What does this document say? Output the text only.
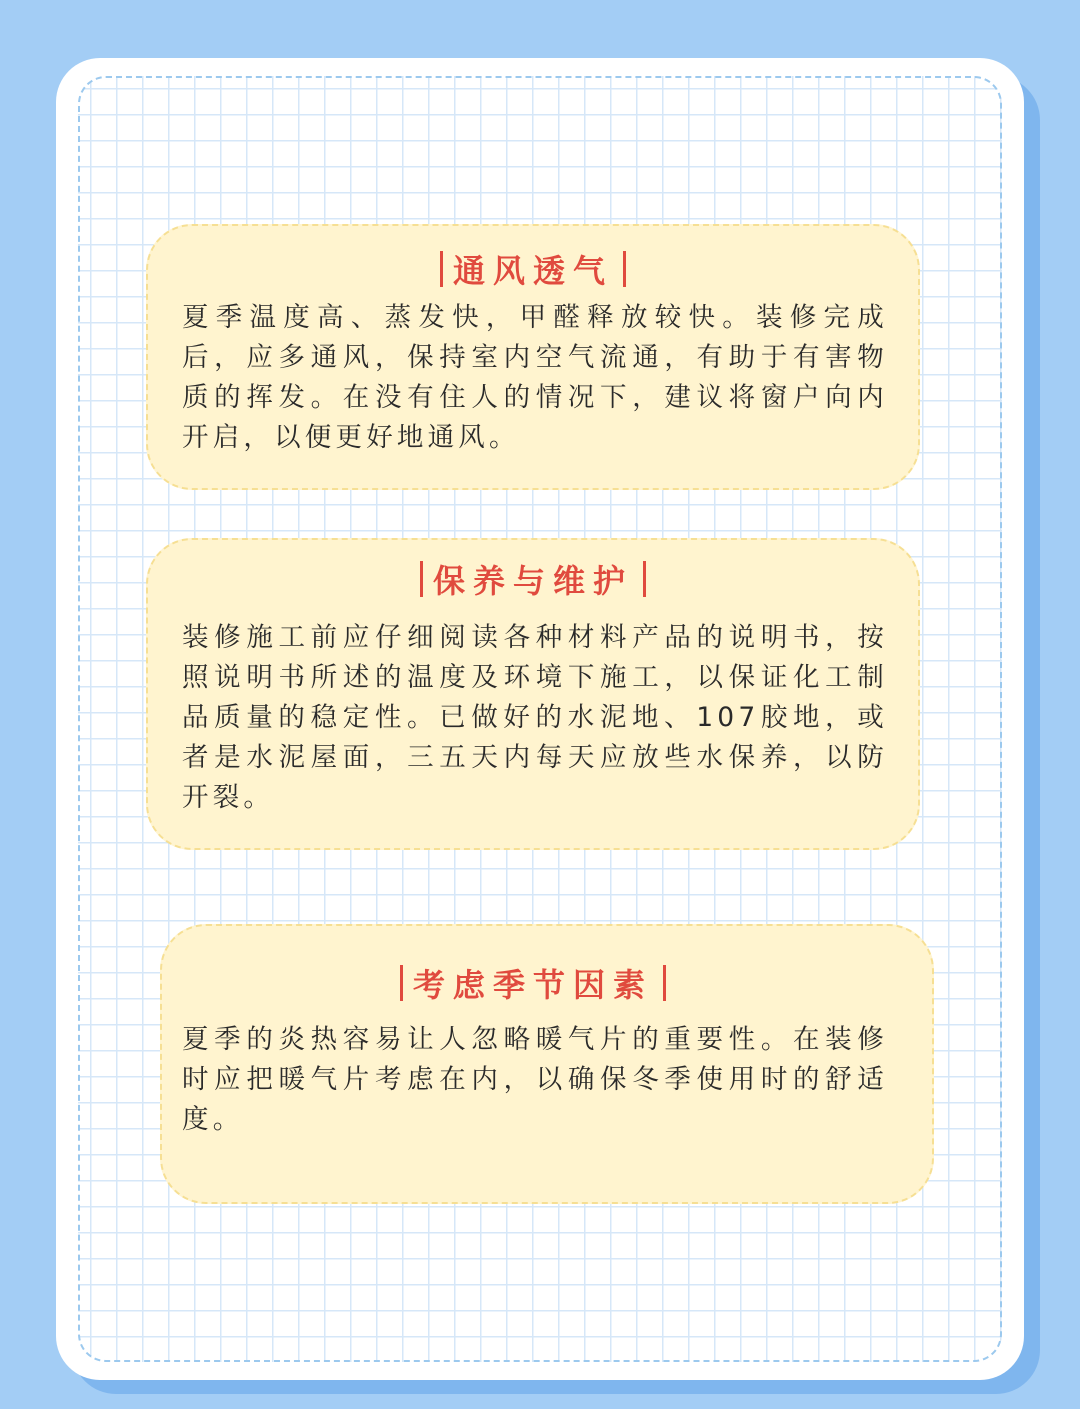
通风透气

夏季温度高、蒸发快，甲醛释放较快。装修完成后，应多通风，保持室内空气流通，有助于有害物质的挥发。在没有住人的情况下，建议将窗户向内开启，以便更好地通风。

保养与维护

装修施工前应仔细阅读各种材料产品的说明书，按照说明书所述的温度及环境下施工，以保证化工制品质量的稳定性。已做好的水泥地、107胶地，或者是水泥屋面，三五天内每天应放些水保养，以防开裂。

考虑季节因素

夏季的炎热容易让人忽略暖气片的重要性。在装修时应把暖气片考虑在内，以确保冬季使用时的舒适度。
